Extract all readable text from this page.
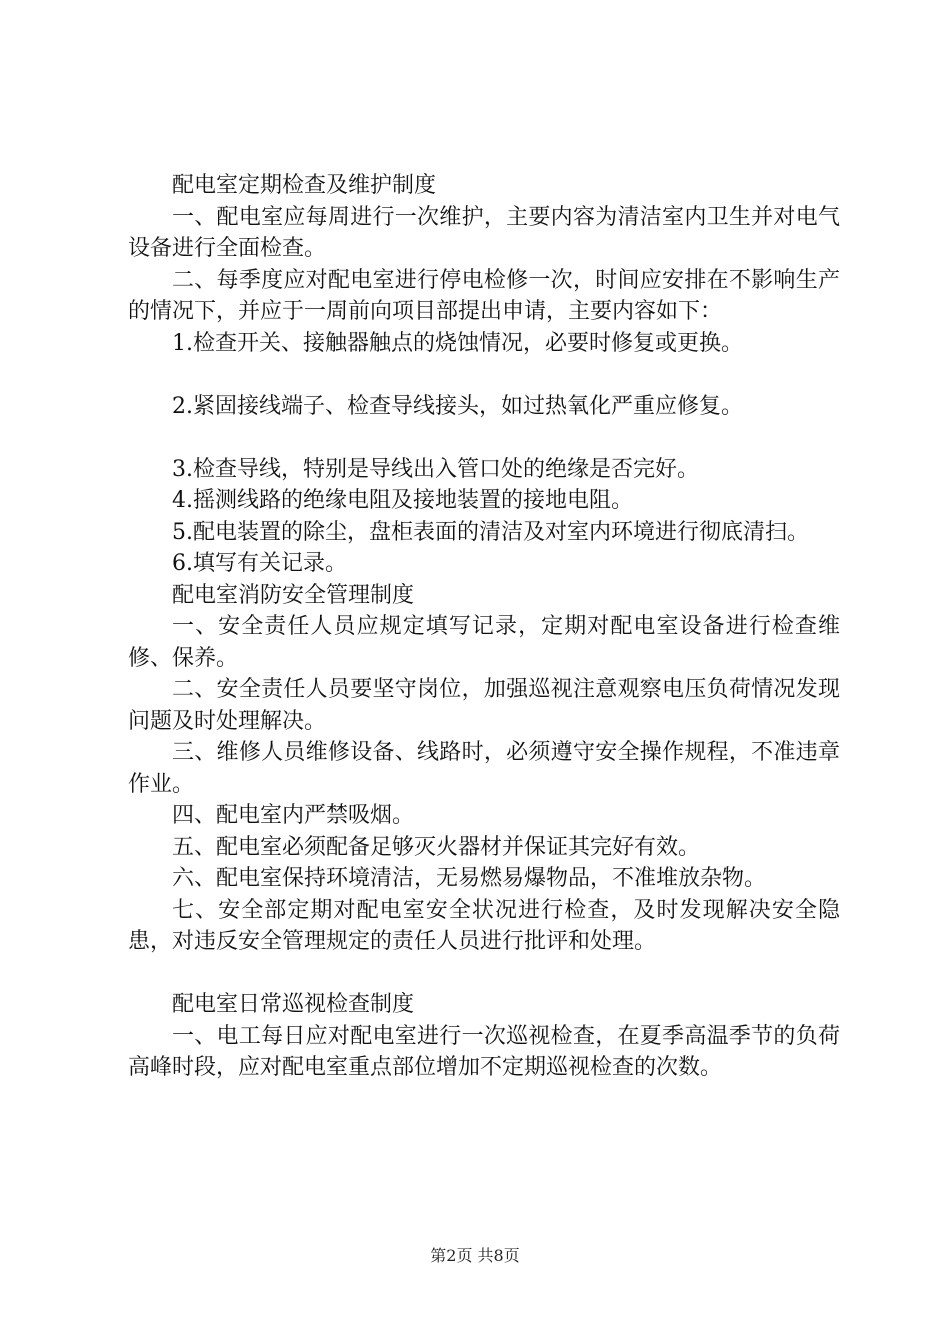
配电室定期检查及维护制度

一、配电室应每周进行一次维护，主要内容为清洁室内卫生并对电气设备进行全面检查。

二、每季度应对配电室进行停电检修一次，时间应安排在不影响生产的情况下，并应于一周前向项目部提出申请，主要内容如下：

1.检查开关、接触器触点的烧蚀情况，必要时修复或更换。

2.紧固接线端子、检查导线接头，如过热氧化严重应修复。

3.检查导线，特别是导线出入管口处的绝缘是否完好。

4.摇测线路的绝缘电阻及接地装置的接地电阻。

5.配电装置的除尘，盘柜表面的清洁及对室内环境进行彻底清扫。

6.填写有关记录。

配电室消防安全管理制度

一、安全责任人员应规定填写记录，定期对配电室设备进行检查维修、保养。

二、安全责任人员要坚守岗位，加强巡视注意观察电压负荷情况发现问题及时处理解决。

三、维修人员维修设备、线路时，必须遵守安全操作规程，不准违章作业。

四、配电室内严禁吸烟。

五、配电室必须配备足够灭火器材并保证其完好有效。

六、配电室保持环境清洁，无易燃易爆物品，不准堆放杂物。

七、安全部定期对配电室安全状况进行检查，及时发现解决安全隐患，对违反安全管理规定的责任人员进行批评和处理。

配电室日常巡视检查制度

一、电工每日应对配电室进行一次巡视检查，在夏季高温季节的负荷高峰时段，应对配电室重点部位增加不定期巡视检查的次数。

第2页 共8页
